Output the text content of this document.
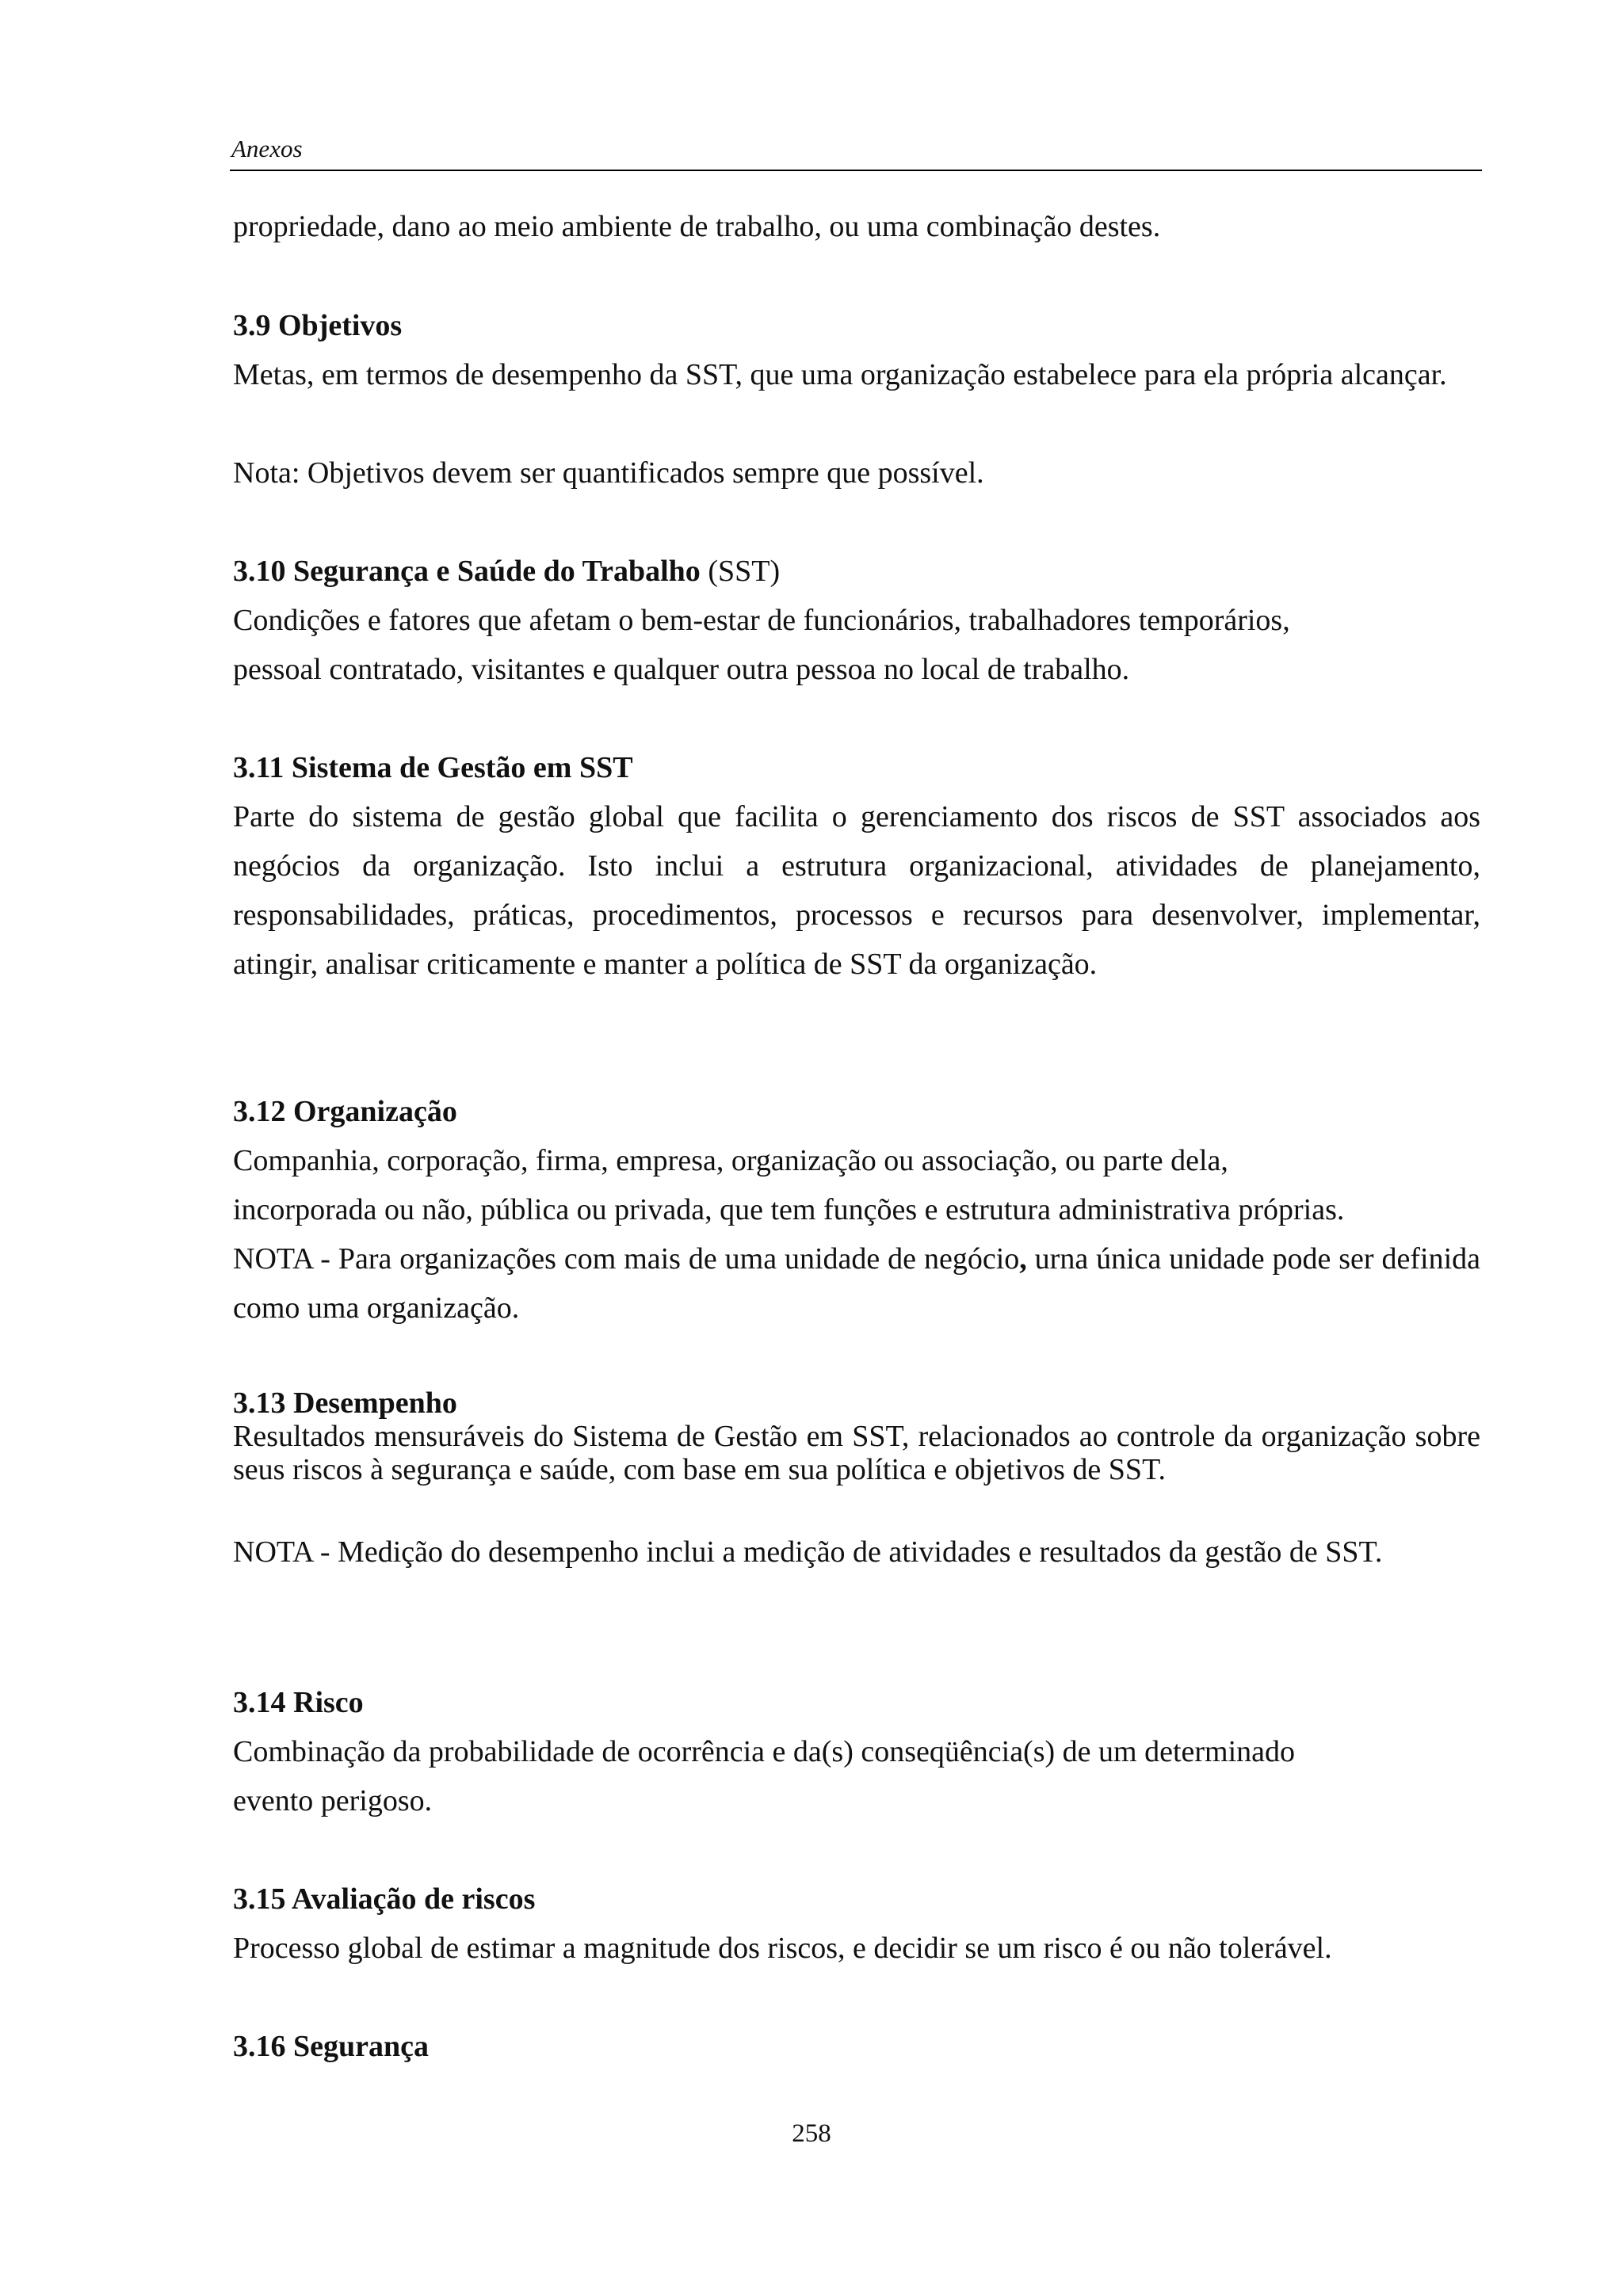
Anexos

propriedade, dano ao meio ambiente de trabalho, ou uma combinação destes.

3.9 Objetivos

Metas, em termos de desempenho da SST, que uma organização estabelece para ela própria alcançar.

Nota: Objetivos devem ser quantificados sempre que possível.

3.10 Segurança e Saúde do Trabalho (SST)

Condições e fatores que afetam o bem-estar de funcionários, trabalhadores temporários,
pessoal contratado, visitantes e qualquer outra pessoa no local de trabalho.

3.11 Sistema de Gestão em SST

Parte do sistema de gestão global que facilita o gerenciamento dos riscos de SST associados aos negócios da organização. Isto inclui a estrutura organizacional, atividades de planejamento, responsabilidades, práticas, procedimentos, processos e recursos para desenvolver, implementar, atingir, analisar criticamente e manter a política de SST da organização.

3.12 Organização

Companhia, corporação, firma, empresa, organização ou associação, ou parte dela,
incorporada ou não, pública ou privada, que tem funções e estrutura administrativa próprias.

NOTA - Para organizações com mais de uma unidade de negócio, urna única unidade pode ser definida como uma organização.

3.13 Desempenho

Resultados mensuráveis do Sistema de Gestão em SST, relacionados ao controle da organização sobre seus riscos à segurança e saúde, com base em sua política e objetivos de SST.

NOTA - Medição do desempenho inclui a medição de atividades e resultados da gestão de SST.

3.14 Risco

Combinação da probabilidade de ocorrência e da(s) conseqüência(s) de um determinado
evento perigoso.

3.15 Avaliação de riscos

Processo global de estimar a magnitude dos riscos, e decidir se um risco é ou não tolerável.

3.16 Segurança

258
